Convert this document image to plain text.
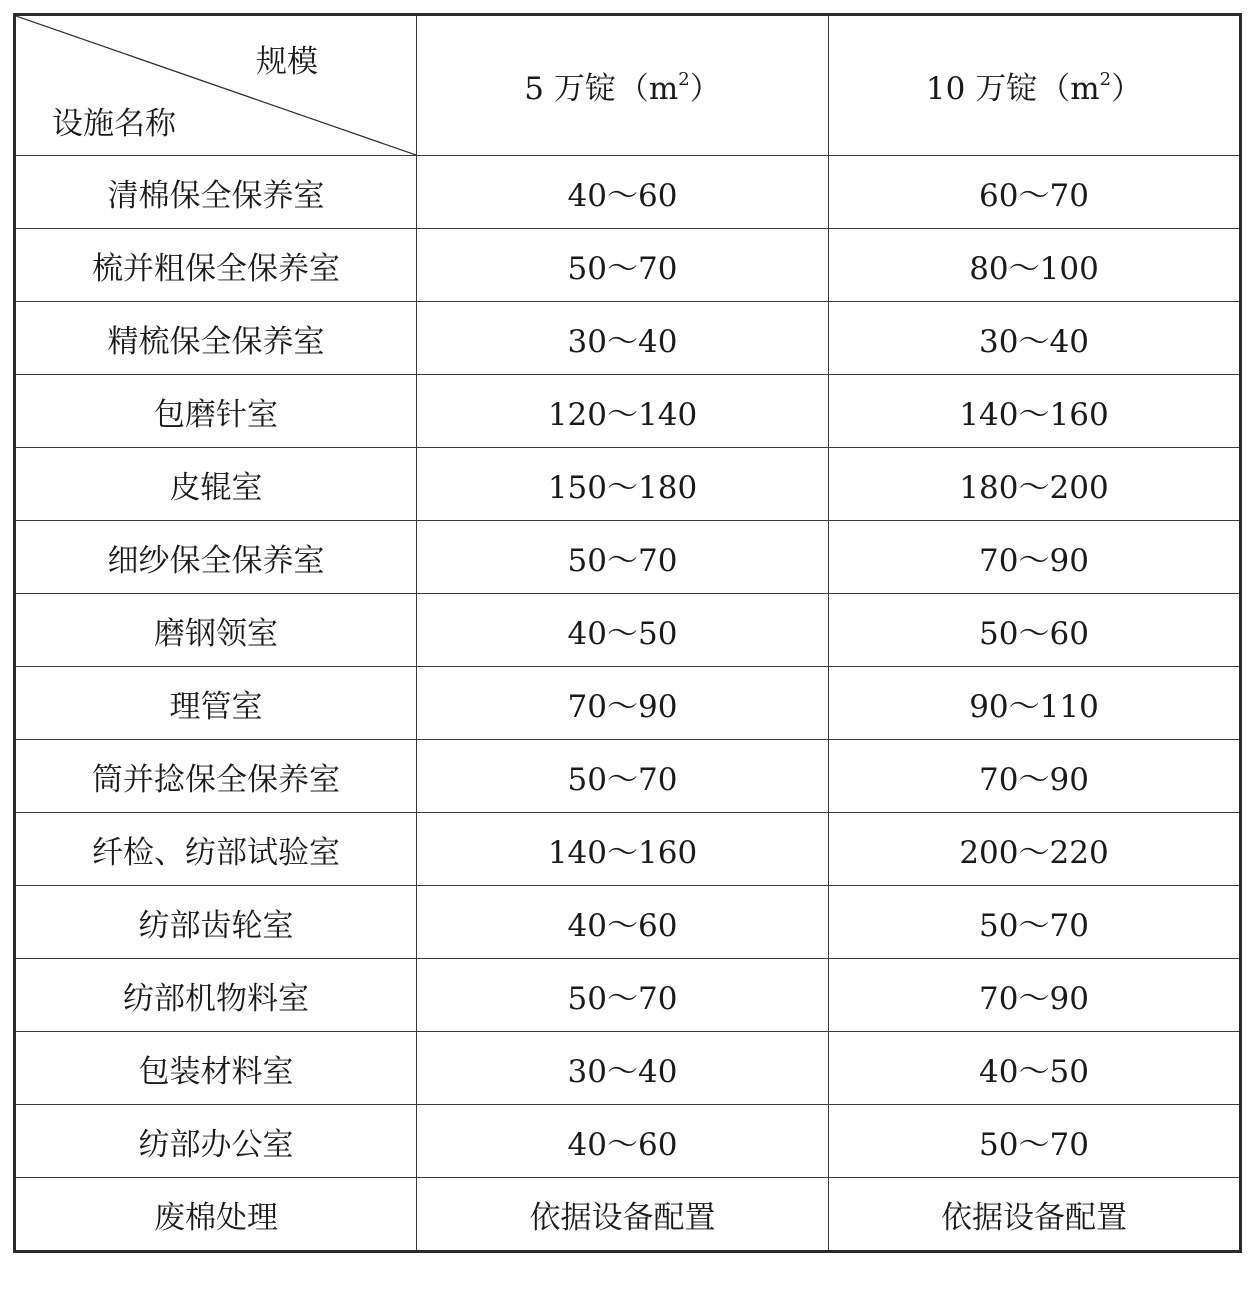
规模
设施名称	5 万锭$(m^2)$	10 万锭$(m^2)$
清棉保全保养室	40～60	60～70
梳并粗保全保养室	50～70	80～100
精梳保全保养室	30～40	30～40
包磨针室	120～140	140～160
皮辊室	150～180	180～200
细纱保全保养室	50～70	70～90
磨钢领室	40～50	50～60
理管室	70～90	90～110
筒并捻保全保养室	50～70	70～90
纤检、纺部试验室	140～160	200～220
纺部齿轮室	40～60	50～70
纺部机物料室	50～70	70～90
包装材料室	30～40	40～50
纺部办公室	40～60	50～70
废棉处理	依据设备配置	依据设备配置
